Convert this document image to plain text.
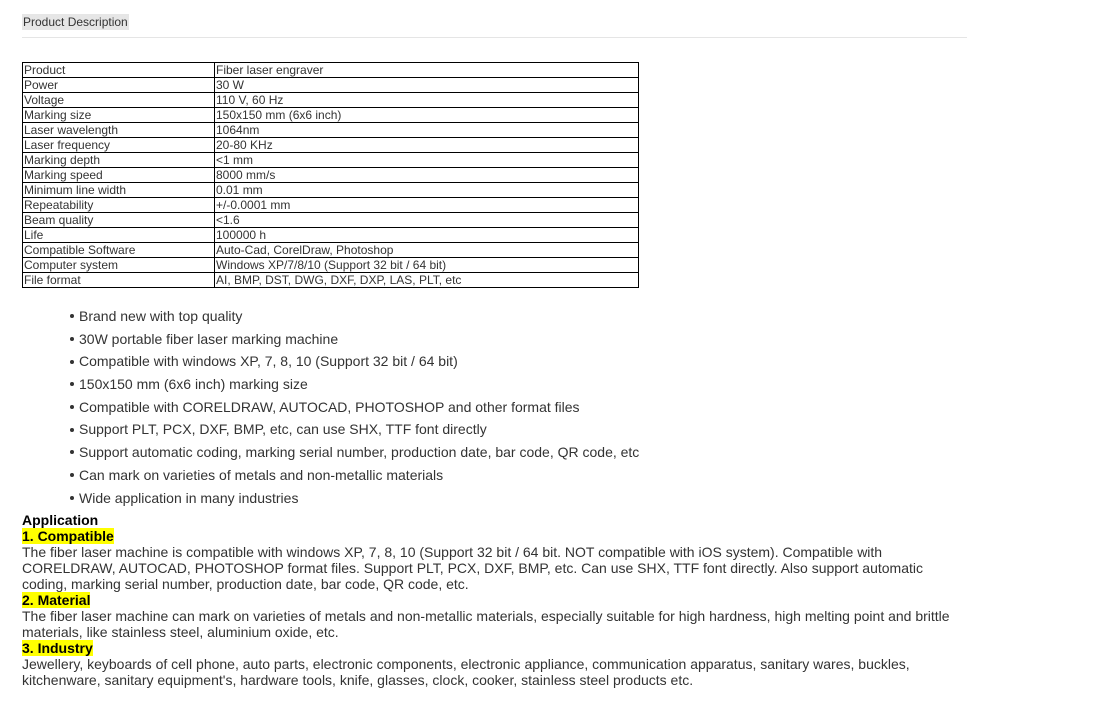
Product Description
Product	Fiber laser engraver
Power	30 W
Voltage	110 V, 60 Hz
Marking size	150x150 mm (6x6 inch)
Laser wavelength	1064nm
Laser frequency	20-80 KHz
Marking depth	<1 mm
Marking speed	8000 mm/s
Minimum line width	0.01 mm
Repeatability	+/-0.0001 mm
Beam quality	<1.6
Life	100000 h
Compatible Software	Auto-Cad, CorelDraw, Photoshop
Computer system	Windows XP/7/8/10 (Support 32 bit / 64 bit)
File format	AI, BMP, DST, DWG, DXF, DXP, LAS, PLT, etc
Brand new with top quality
30W portable fiber laser marking machine
Compatible with windows XP, 7, 8, 10 (Support 32 bit / 64 bit)
150x150 mm (6x6 inch) marking size
Compatible with CORELDRAW, AUTOCAD, PHOTOSHOP and other format files
Support PLT, PCX, DXF, BMP, etc, can use SHX, TTF font directly
Support automatic coding, marking serial number, production date, bar code, QR code, etc
Can mark on varieties of metals and non-metallic materials
Wide application in many industries
Application
1. Compatible

The fiber laser machine is compatible with windows XP, 7, 8, 10 (Support 32 bit / 64 bit. NOT compatible with iOS system). Compatible with CORELDRAW, AUTOCAD, PHOTOSHOP format files. Support PLT, PCX, DXF, BMP, etc. Can use SHX, TTF font directly. Also support automatic coding, marking serial number, production date, bar code, QR code, etc.

2. Material

The fiber laser machine can mark on varieties of metals and non-metallic materials, especially suitable for high hardness, high melting point and brittle materials, like stainless steel, aluminium oxide, etc.

3. Industry

Jewellery, keyboards of cell phone, auto parts, electronic components, electronic appliance, communication apparatus, sanitary wares, buckles, kitchenware, sanitary equipment's, hardware tools, knife, glasses, clock, cooker, stainless steel products etc.
